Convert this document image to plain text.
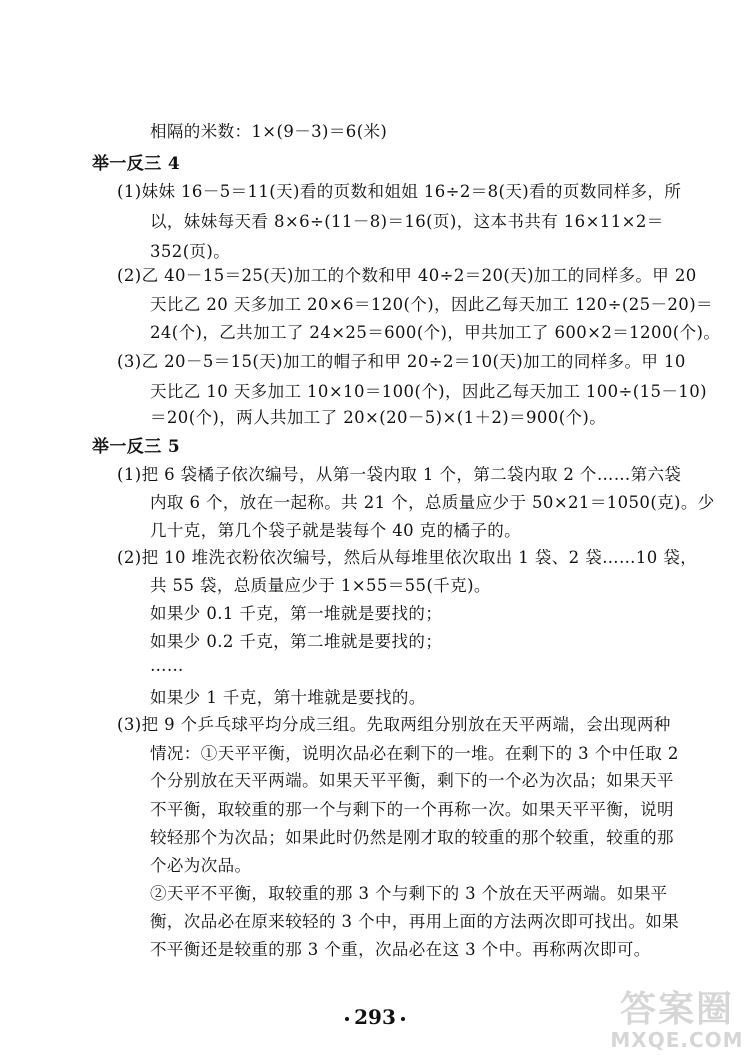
相隔的米数：1×(9－3)＝6(米)
举一反三 4
(1)妹妹 16－5＝11(天)看的页数和姐姐 16÷2＝8(天)看的页数同样多，所
以，妹妹每天看 8×6÷(11－8)＝16(页)，这本书共有 16×11×2＝
352(页)。
(2)乙 40－15＝25(天)加工的个数和甲 40÷2＝20(天)加工的同样多。甲 20
天比乙 20 天多加工 20×6＝120(个)，因此乙每天加工 120÷(25－20)＝
24(个)，乙共加工了 24×25＝600(个)，甲共加工了 600×2＝1200(个)。
(3)乙 20－5＝15(天)加工的帽子和甲 20÷2＝10(天)加工的同样多。甲 10
天比乙 10 天多加工 10×10＝100(个)，因此乙每天加工 100÷(15－10)
＝20(个)，两人共加工了 20×(20－5)×(1＋2)＝900(个)。
举一反三 5
(1)把 6 袋橘子依次编号，从第一袋内取 1 个，第二袋内取 2 个……第六袋
内取 6 个，放在一起称。共 21 个，总质量应少于 50×21＝1050(克)。少
几十克，第几个袋子就是装每个 40 克的橘子的。
(2)把 10 堆洗衣粉依次编号，然后从每堆里依次取出 1 袋、2 袋……10 袋，
共 55 袋，总质量应少于 1×55＝55(千克)。
如果少 0.1 千克，第一堆就是要找的；
如果少 0.2 千克，第二堆就是要找的；
……
如果少 1 千克，第十堆就是要找的。
(3)把 9 个乒乓球平均分成三组。先取两组分别放在天平两端，会出现两种
情况：①天平平衡，说明次品必在剩下的一堆。在剩下的 3 个中任取 2
个分别放在天平两端。如果天平平衡，剩下的一个必为次品；如果天平
不平衡，取较重的那一个与剩下的一个再称一次。如果天平平衡，说明
较轻那个为次品；如果此时仍然是刚才取的较重的那个较重，较重的那
个必为次品。
②天平不平衡，取较重的那 3 个与剩下的 3 个放在天平两端。如果平
衡，次品必在原来较轻的 3 个中，再用上面的方法两次即可找出。如果
不平衡还是较重的那 3 个重，次品必在这 3 个中。再称两次即可。
293	答案圈
MXQE.COM
